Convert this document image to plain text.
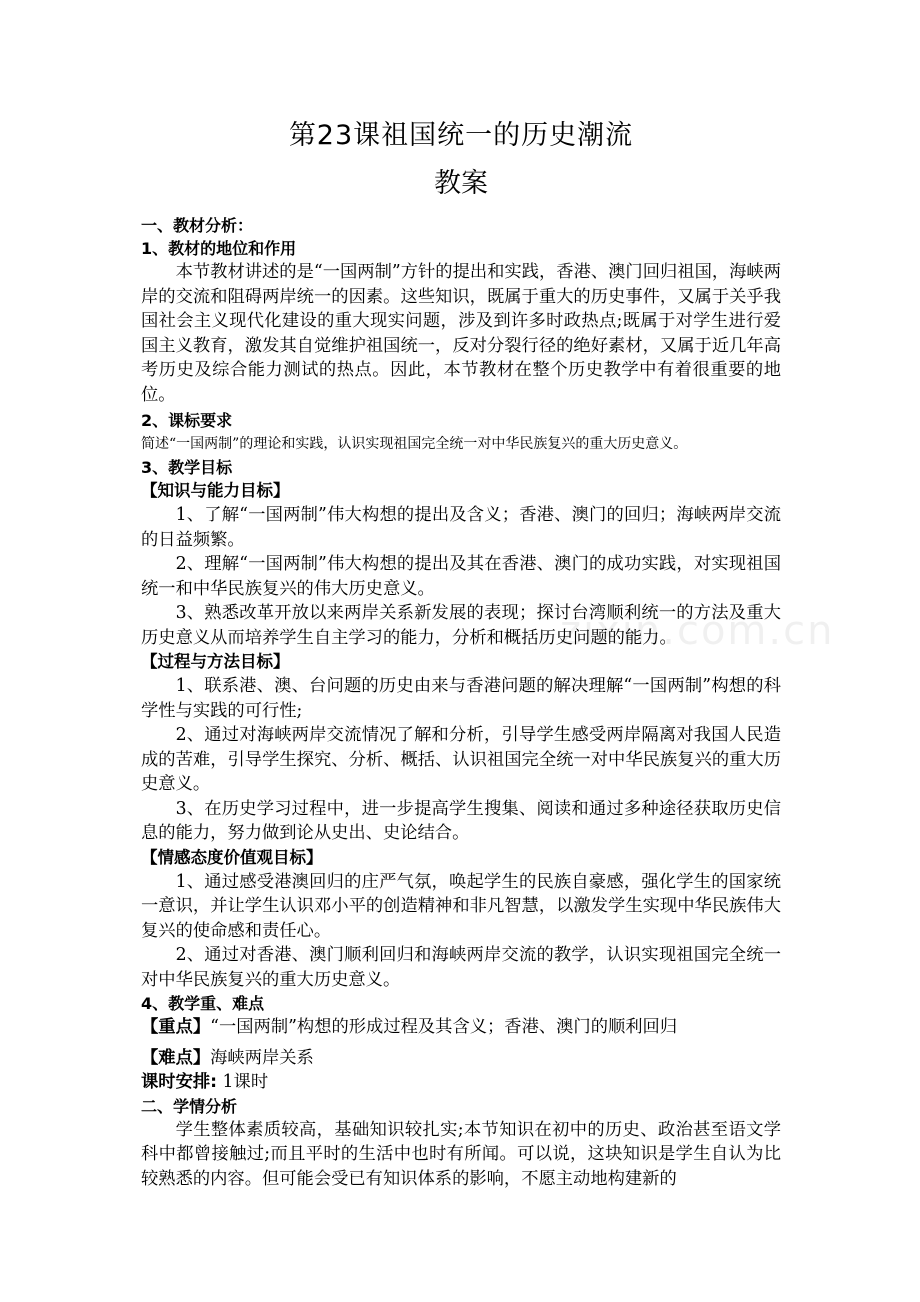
zixin.com.cn
第23课祖国统一的历史潮流
教案
一、教材分析：
1、教材的地位和作用
本节教材讲述的是“一国两制”方针的提出和实践，香港、澳门回归祖国，海峡两岸的交流和阻碍两岸统一的因素。这些知识，既属于重大的历史事件，又属于关乎我国社会主义现代化建设的重大现实问题，涉及到许多时政热点;既属于对学生进行爱国主义教育，激发其自觉维护祖国统一，反对分裂行径的绝好素材，又属于近几年高考历史及综合能力测试的热点。因此，本节教材在整个历史教学中有着很重要的地位。
2、课标要求
简述“一国两制”的理论和实践，认识实现祖国完全统一对中华民族复兴的重大历史意义。
3、教学目标
【知识与能力目标】
1、了解“一国两制”伟大构想的提出及含义；香港、澳门的回归；海峡两岸交流的日益频繁。
2、理解“一国两制”伟大构想的提出及其在香港、澳门的成功实践，对实现祖国统一和中华民族复兴的伟大历史意义。
3、熟悉改革开放以来两岸关系新发展的表现；探讨台湾顺利统一的方法及重大历史意义从而培养学生自主学习的能力，分析和概括历史问题的能力。
【过程与方法目标】
1、联系港、澳、台问题的历史由来与香港问题的解决理解“一国两制”构想的科学性与实践的可行性;
2、通过对海峡两岸交流情况了解和分析，引导学生感受两岸隔离对我国人民造成的苦难，引导学生探究、分析、概括、认识祖国完全统一对中华民族复兴的重大历史意义。
3、在历史学习过程中，进一步提高学生搜集、阅读和通过多种途径获取历史信息的能力，努力做到论从史出、史论结合。
【情感态度价值观目标】
1、通过感受港澳回归的庄严气氛，唤起学生的民族自豪感，强化学生的国家统一意识，并让学生认识邓小平的创造精神和非凡智慧，以激发学生实现中华民族伟大复兴的使命感和责任心。
2、通过对香港、澳门顺利回归和海峡两岸交流的教学，认识实现祖国完全统一对中华民族复兴的重大历史意义。
4、教学重、难点
【重点】“一国两制”构想的形成过程及其含义；香港、澳门的顺利回归
【难点】海峡两岸关系
课时安排: 1课时
二、学情分析
学生整体素质较高，基础知识较扎实;本节知识在初中的历史、政治甚至语文学科中都曾接触过;而且平时的生活中也时有所闻。可以说，这块知识是学生自认为比较熟悉的内容。但可能会受已有知识体系的影响，不愿主动地构建新的
